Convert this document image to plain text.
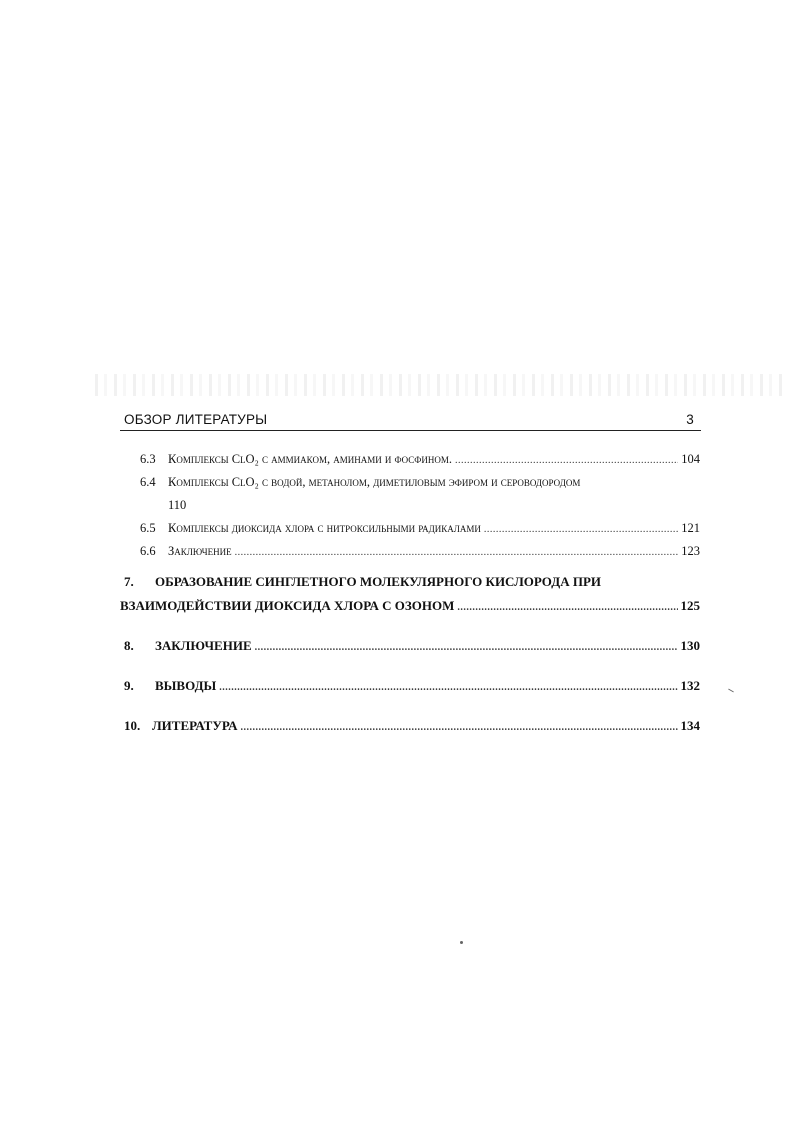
ОБЗОР ЛИТЕРАТУРЫ	3
6.3 Комплексы ClO₂ с аммиаком, аминами и фосфином. .....	104
6.4 Комплексы ClO₂ с водой, метанолом, диметиловым эфиром и сероводородом
110
6.5 Комплексы диоксида хлора с нитроксильными радикалами .....	121
6.6 Заключение .....	123
7.	ОБРАЗОВАНИЕ СИНГЛЕТНОГО МОЛЕКУЛЯРНОГО КИСЛОРОДА ПРИ
ВЗАИМОДЕЙСТВИИ ДИОКСИДА ХЛОРА С ОЗОНОМ .....	125
8.	ЗАКЛЮЧЕНИЕ .....	130
9.	ВЫВОДЫ .....	132
10. ЛИТЕРАТУРА .....	134
